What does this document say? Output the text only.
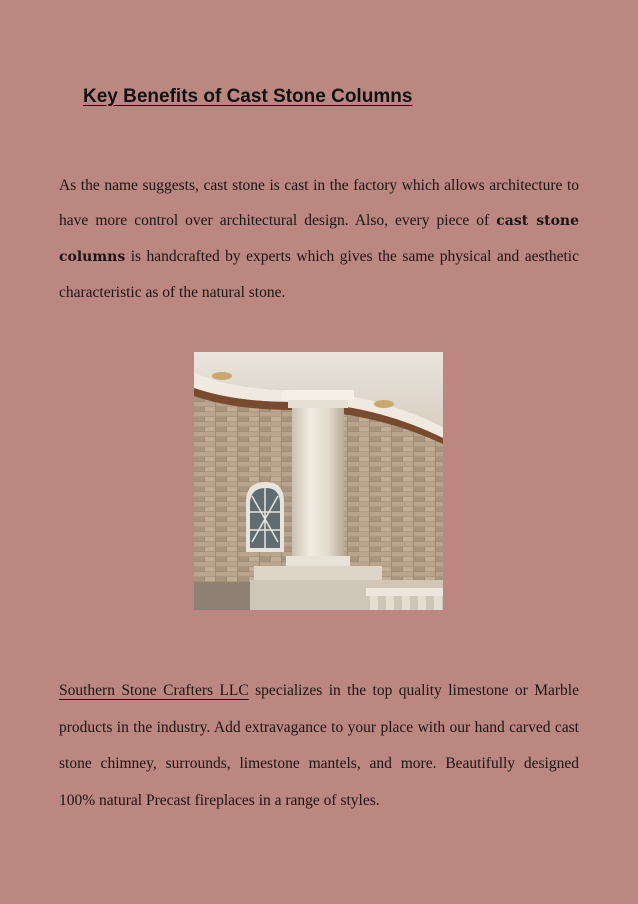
Key Benefits of Cast Stone Columns

As the name suggests, cast stone is cast in the factory which allows architecture to have more control over architectural design. Also, every piece of cast stone columns is handcrafted by experts which gives the same physical and aesthetic characteristic as of the natural stone.

Southern Stone Crafters LLC specializes in the top quality limestone or Marble products in the industry. Add extravagance to your place with our hand carved cast stone chimney, surrounds, limestone mantels, and more. Beautifully designed 100% natural Precast fireplaces in a range of styles.
